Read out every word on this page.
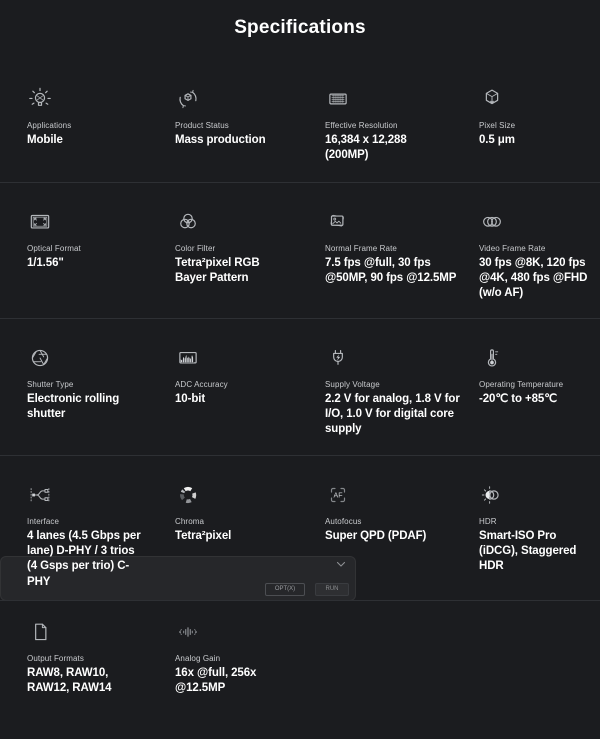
Specifications
Applications
Mobile
Product Status
Mass production
Effective Resolution
16,384 x 12,288 (200MP)
Pixel Size
0.5 μm
Optical Format
1/1.56"
Color Filter
Tetra²pixel RGB Bayer Pattern
Normal Frame Rate
7.5 fps @full, 30 fps @50MP, 90 fps @12.5MP
Video Frame Rate
30 fps @8K, 120 fps @4K, 480 fps @FHD (w/o AF)
Shutter Type
Electronic rolling shutter
ADC Accuracy
10-bit
Supply Voltage
2.2 V for analog, 1.8 V for I/O, 1.0 V for digital core supply
Operating Temperature
-20℃ to +85℃
Interface
4 lanes (4.5 Gbps per lane) D-PHY / 3 trios (4 Gsps per trio) C-PHY
Chroma
Tetra²pixel
AF
Autofocus
Super QPD (PDAF)
HDR
Smart-ISO Pro (iDCG), Staggered HDR
Output Formats
RAW8, RAW10, RAW12, RAW14
Analog Gain
16x @full, 256x @12.5MP
OPT(X)	RUN
